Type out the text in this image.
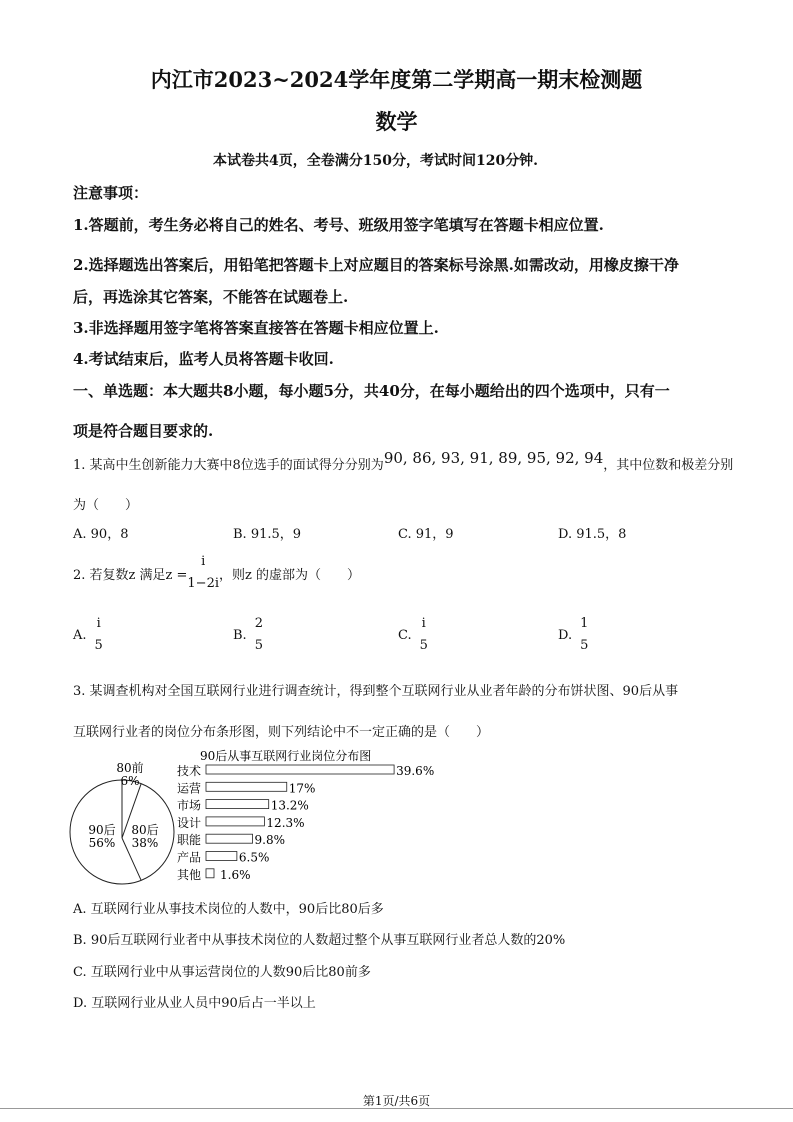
内江市2023~2024学年度第二学期高一期末检测题
数学
本试卷共4页，全卷满分150分，考试时间120分钟.
注意事项：
1.答题前，考生务必将自己的姓名、考号、班级用签字笔填写在答题卡相应位置.
2.选择题选出答案后，用铅笔把答题卡上对应题目的答案标号涂黑.如需改动，用橡皮擦干净
后，再选涂其它答案，不能答在试题卷上.
3.非选择题用签字笔将答案直接答在答题卡相应位置上.
4.考试结束后，监考人员将答题卡收回.
一、单选题：本大题共8小题，每小题5分，共40分，在每小题给出的四个选项中，只有一
项是符合题目要求的.
1. 某高中生创新能力大赛中8位选手的面试得分分别为90, 86, 93, 91, 89, 95, 92, 94，其中位数和极差分别
为（　　）
A. 90，8	B. 91.5，9	C. 91，9	D. 91.5，8
2. 若复数z 满足z =
i
1−2i
，则z 的虚部为（　　）
A.
i
5
B.
2
5
C.
i
5
D.
1
5
3. 某调查机构对全国互联网行业进行调查统计，得到整个互联网行业从业者年龄的分布饼状图、90后从事
互联网行业者的岗位分布条形图，则下列结论中不一定正确的是（　　）
80前
6%
80后
38%
90后
56%
90后从事互联网行业岗位分布图
技术	39.6%
运营	17%
市场	13.2%
设计	12.3%
职能	9.8%
产品	6.5%
其他 1.6%
A. 互联网行业从事技术岗位的人数中，90后比80后多
B. 90后互联网行业者中从事技术岗位的人数超过整个从事互联网行业者总人数的20%
C. 互联网行业中从事运营岗位的人数90后比80前多
D. 互联网行业从业人员中90后占一半以上
第1页/共6页
